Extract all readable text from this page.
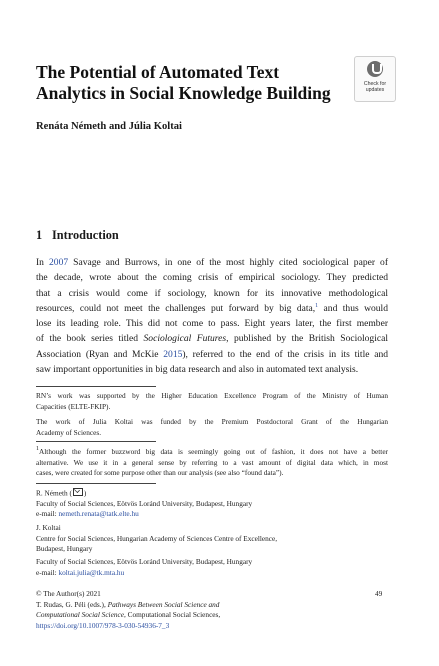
The Potential of Automated Text
Analytics in Social Knowledge Building	Check for
updates
Renáta Németh and Júlia Koltai
1 Introduction
In 2007 Savage and Burrows, in one of the most highly cited sociological paper of
the decade, wrote about the coming crisis of empirical sociology. They predicted
that a crisis would come if sociology, known for its innovative methodological
resources, could not meet the challenges put forward by big data,$^1$ and thus would
lose its leading role. This did not come to pass. Eight years later, the first member
of the book series titled Sociological Futures, published by the British Sociological
Association (Ryan and McKie 2015), referred to the end of the crisis in its title and
saw important opportunities in big data research and also in automated text analysis.
RN’s work was supported by the Higher Education Excellence Program of the Ministry of Human
Capacities (ELTE-FKIP).
The work of Julia Koltai was funded by the Premium Postdoctoral Grant of the Hungarian
Academy of Sciences.
$^1$Although the former buzzword big data is seemingly going out of fashion, it does not have a better
alternative. We use it in a general sense by referring to a vast amount of digital data which, in most
cases, were created for some purpose other than our analysis (see also “found data”).
R. Németh ( )
Faculty of Social Sciences, Eötvös Loránd University, Budapest, Hungary
e-mail: nemeth.renata@tatk.elte.hu
J. Koltai
Centre for Social Sciences, Hungarian Academy of Sciences Centre of Excellence,
Budapest, Hungary
Faculty of Social Sciences, Eötvös Loránd University, Budapest, Hungary
e-mail: koltai.julia@tk.mta.hu
© The Author(s) 2021
T. Rudas, G. Péli (eds.), Pathways Between Social Science and
Computational Social Science, Computational Social Sciences,
https://doi.org/10.1007/978-3-030-54936-7_3
49
